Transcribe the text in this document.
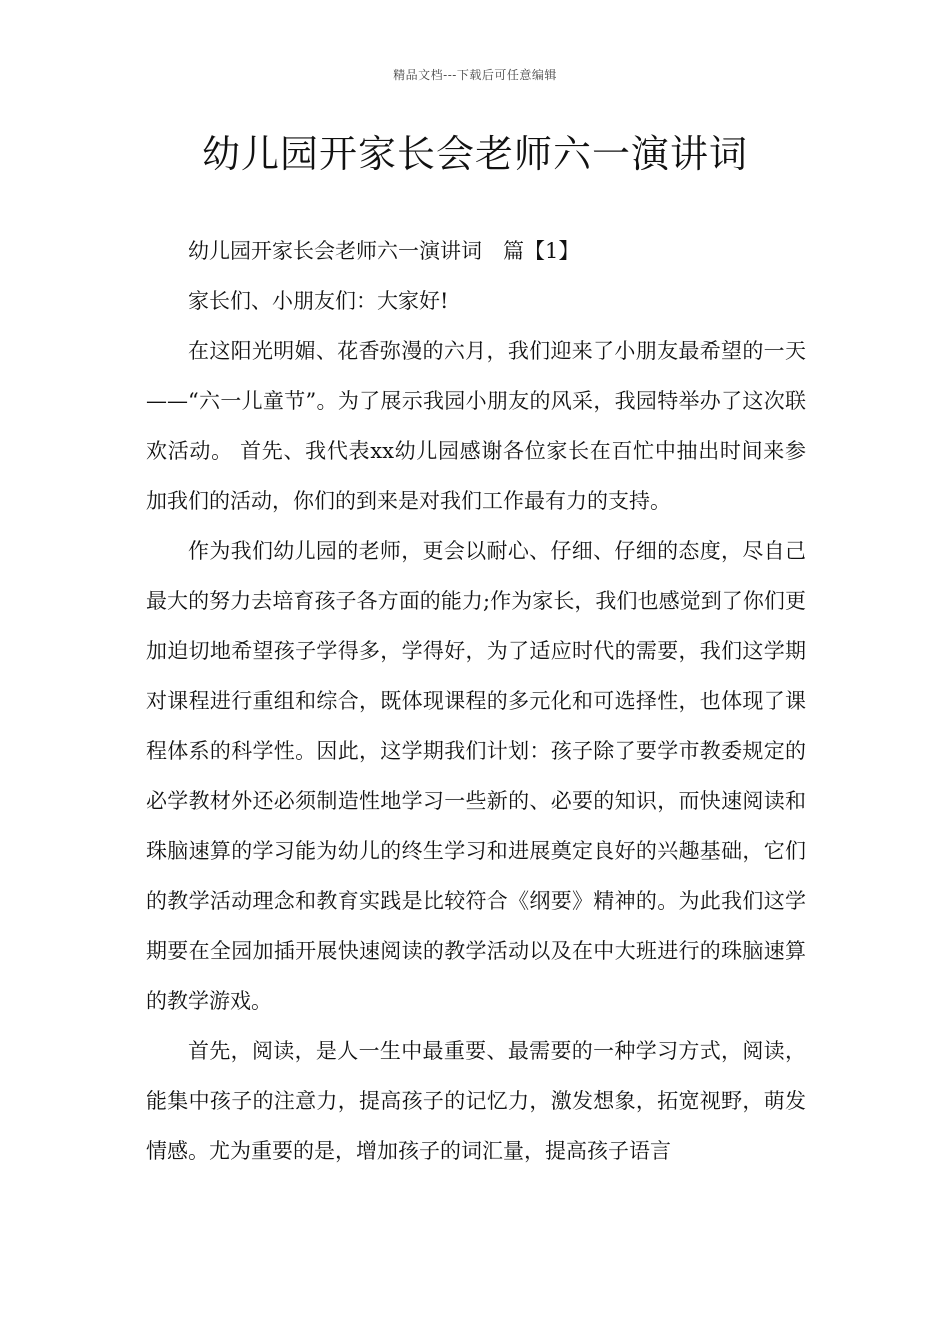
精品文档---下载后可任意编辑
幼儿园开家长会老师六一演讲词

幼儿园开家长会老师六一演讲词　篇【1】

家长们、小朋友们：大家好!

在这阳光明媚、花香弥漫的六月，我们迎来了小朋友最希望的一天——“六一儿童节”。为了展示我园小朋友的风采，我园特举办了这次联欢活动。 首先、我代表xx幼儿园感谢各位家长在百忙中抽出时间来参加我们的活动，你们的到来是对我们工作最有力的支持。

作为我们幼儿园的老师，更会以耐心、仔细、仔细的态度，尽自己最大的努力去培育孩子各方面的能力;作为家长，我们也感觉到了你们更加迫切地希望孩子学得多，学得好，为了适应时代的需要，我们这学期对课程进行重组和综合，既体现课程的多元化和可选择性，也体现了课程体系的科学性。因此，这学期我们计划：孩子除了要学市教委规定的必学教材外还必须制造性地学习一些新的、必要的知识，而快速阅读和珠脑速算的学习能为幼儿的终生学习和进展奠定良好的兴趣基础，它们的教学活动理念和教育实践是比较符合《纲要》精神的。为此我们这学期要在全园加插开展快速阅读的教学活动以及在中大班进行的珠脑速算的教学游戏。

首先，阅读，是人一生中最重要、最需要的一种学习方式，阅读，能集中孩子的注意力，提高孩子的记忆力，激发想象，拓宽视野，萌发情感。尤为重要的是，增加孩子的词汇量，提高孩子语言
